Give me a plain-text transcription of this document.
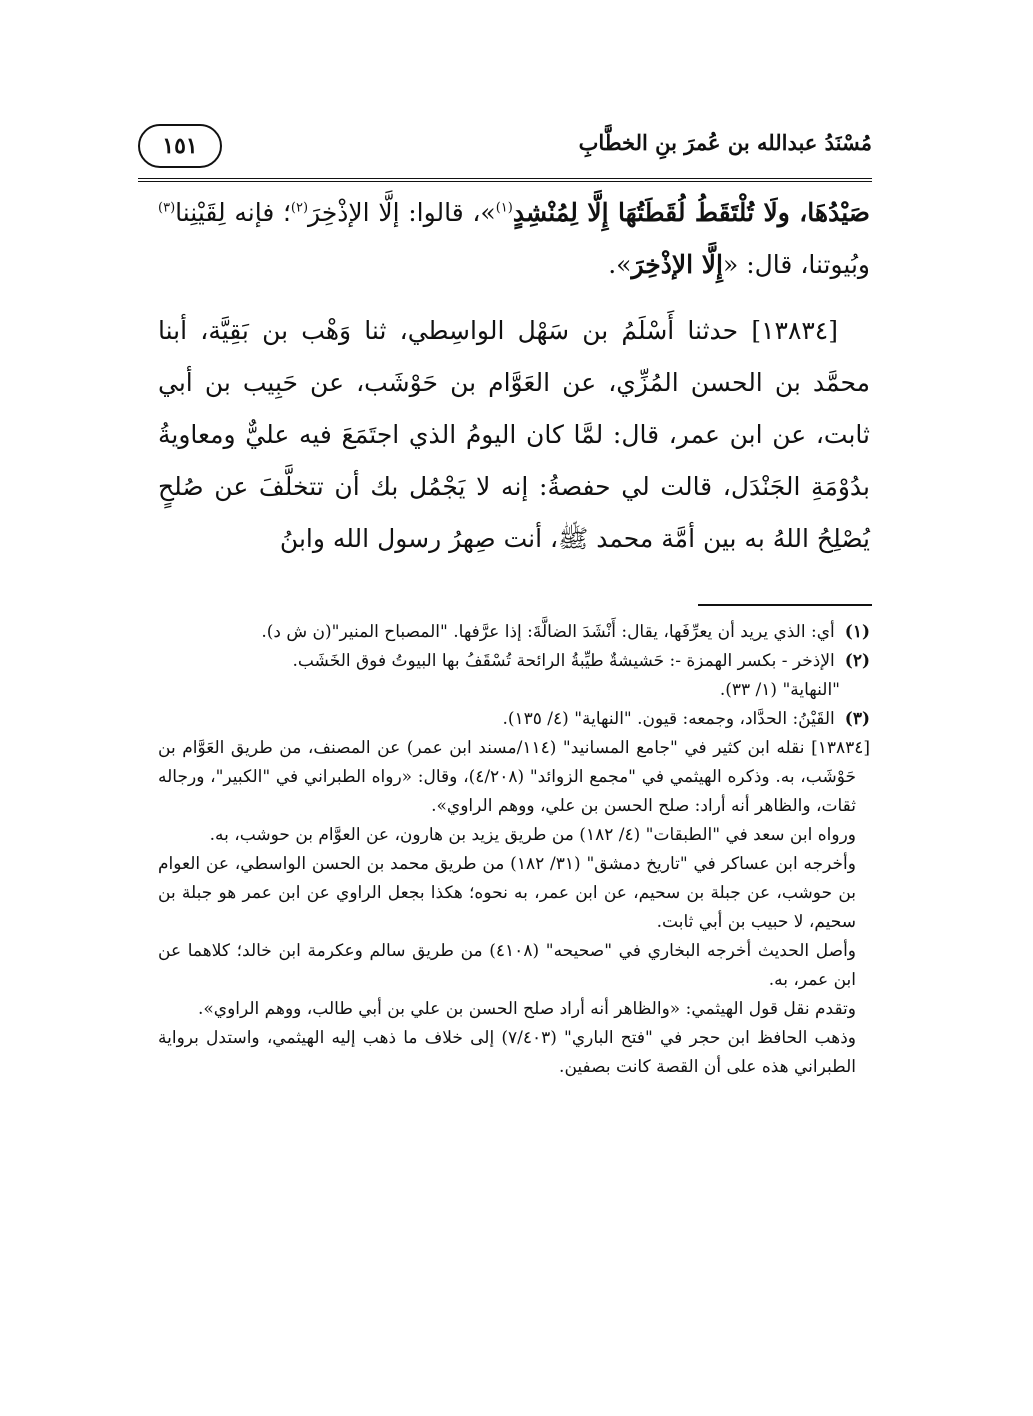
مُسْنَدُ عبدالله بن عُمرَ بنِ الخطَّابِ
١٥١

صَيْدُهَا، ولَا تُلْتَقَطُ لُقَطَتُهَا إِلَّا لِمُنْشِدٍ$^{(١)}$»، قالوا: إلَّا الإذْخِرَ$^{(٢)}$؛ فإنه لِقَيْنِنا$^{(٣)}$ وبُيوتنا، قال: «إِلَّا الإذْخِرَ».

[١٣٨٣٤] حدثنا أَسْلَمُ بن سَهْل الواسِطي، ثنا وَهْب بن بَقِيَّة، أبنا محمَّد بن الحسن المُزِّي، عن العَوَّام بن حَوْشَب، عن حَبِيب بن أبي ثابت، عن ابن عمر، قال: لمَّا كان اليومُ الذي اجتَمَعَ فيه عليٌّ ومعاويةُ بدُوْمَةِ الجَنْدَل، قالت لي حفصةُ: إنه لا يَجْمُل بك أن تتخلَّفَ عن صُلحٍ يُصْلِحُ اللهُ به بين أمَّة محمد ﷺ، أنت صِهرُ رسول الله وابنُ

(١)أي: الذي يريد أن يعرِّفَها، يقال: أَنْشَدَ الضالَّةَ: إذا عرَّفها. "المصباح المنير"(ن ش د).

(٢)الإذخر - بكسر الهمزة -: حَشيشةٌ طيِّبةُ الرائحة تُسْقَفُ بها البيوتُ فوق الخَشَب.

"النهاية" (١/ ٣٣).

(٣)القَيْنُ: الحدَّاد، وجمعه: قيون. "النهاية" (٤/ ١٣٥).

[١٣٨٣٤] نقله ابن كثير في "جامع المسانيد" (١١٤/مسند ابن عمر) عن المصنف، من طريق العَوَّام بن حَوْشَب، به. وذكره الهيثمي في "مجمع الزوائد" (٤/٢٠٨)، وقال: «رواه الطبراني في "الكبير"، ورجاله ثقات، والظاهر أنه أراد: صلح الحسن بن علي، ووهم الراوي».

ورواه ابن سعد في "الطبقات" (٤/ ١٨٢) من طريق يزيد بن هارون، عن العوَّام بن حوشب، به.

وأخرجه ابن عساكر في "تاريخ دمشق" (٣١/ ١٨٢) من طريق محمد بن الحسن الواسطي، عن العوام بن حوشب، عن جبلة بن سحيم، عن ابن عمر، به نحوه؛ هكذا بجعل الراوي عن ابن عمر هو جبلة بن سحيم، لا حبيب بن أبي ثابت.

وأصل الحديث أخرجه البخاري في "صحيحه" (٤١٠٨) من طريق سالم وعكرمة ابن خالد؛ كلاهما عن ابن عمر، به.

وتقدم نقل قول الهيثمي: «والظاهر أنه أراد صلح الحسن بن علي بن أبي طالب، ووهم الراوي».

وذهب الحافظ ابن حجر في "فتح الباري" (٧/٤٠٣) إلى خلاف ما ذهب إليه الهيثمي، واستدل برواية الطبراني هذه على أن القصة كانت بصفين.
